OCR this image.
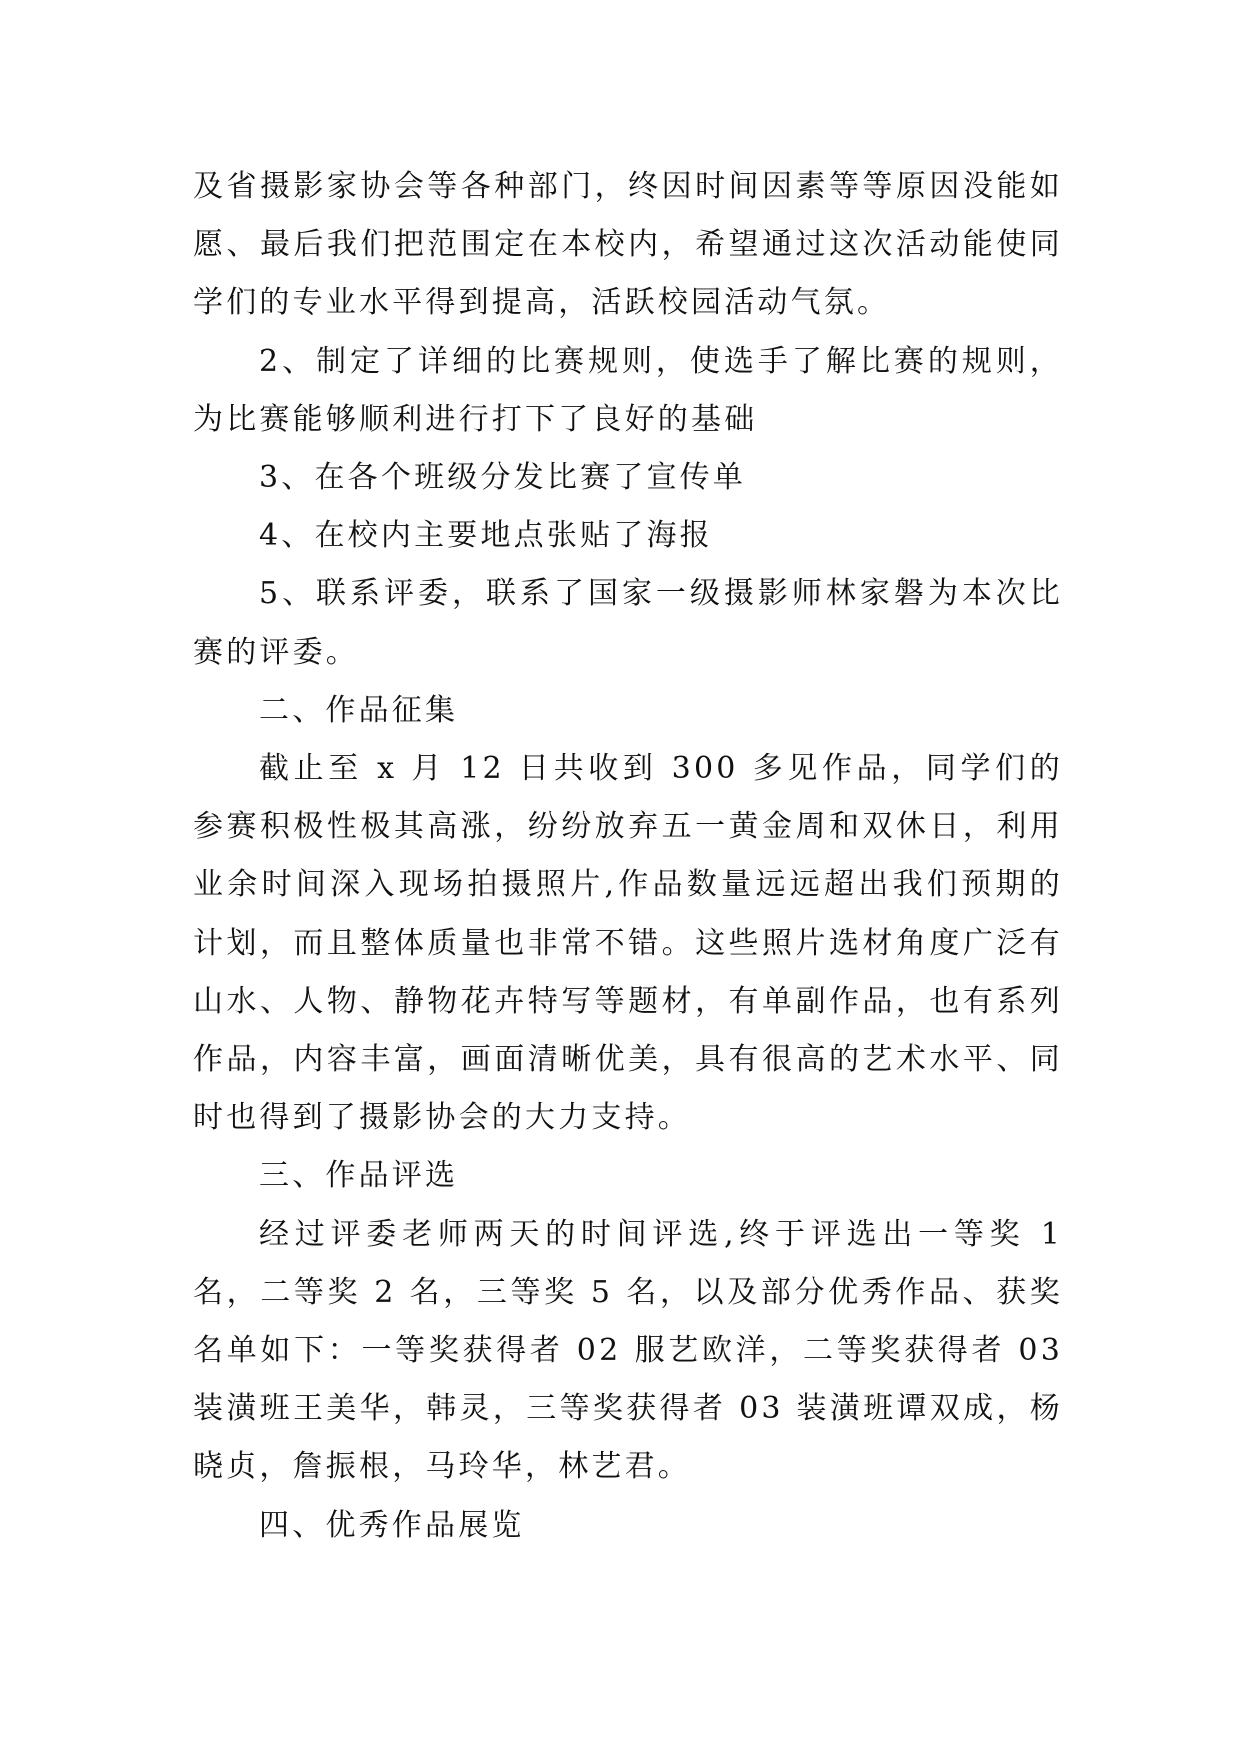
及省摄影家协会等各种部门，终因时间因素等等原因没能如愿、最后我们把范围定在本校内，希望通过这次活动能使同学们的专业水平得到提高，活跃校园活动气氛。

2、制定了详细的比赛规则，使选手了解比赛的规则，为比赛能够顺利进行打下了良好的基础

3、在各个班级分发比赛了宣传单

4、在校内主要地点张贴了海报

5、联系评委，联系了国家一级摄影师林家磐为本次比赛的评委。

二、作品征集

截止至 x 月 12 日共收到 300 多见作品，同学们的参赛积极性极其高涨，纷纷放弃五一黄金周和双休日，利用业余时间深入现场拍摄照片,作品数量远远超出我们预期的计划，而且整体质量也非常不错。这些照片选材角度广泛有山水、人物、静物花卉特写等题材，有单副作品，也有系列作品，内容丰富，画面清晰优美，具有很高的艺术水平、同时也得到了摄影协会的大力支持。

三、作品评选

经过评委老师两天的时间评选,终于评选出一等奖 1 名，二等奖 2 名，三等奖 5 名，以及部分优秀作品、获奖名单如下：一等奖获得者 02 服艺欧洋，二等奖获得者 03 装潢班王美华，韩灵，三等奖获得者 03 装潢班谭双成，杨晓贞，詹振根，马玲华，林艺君。

四、优秀作品展览
